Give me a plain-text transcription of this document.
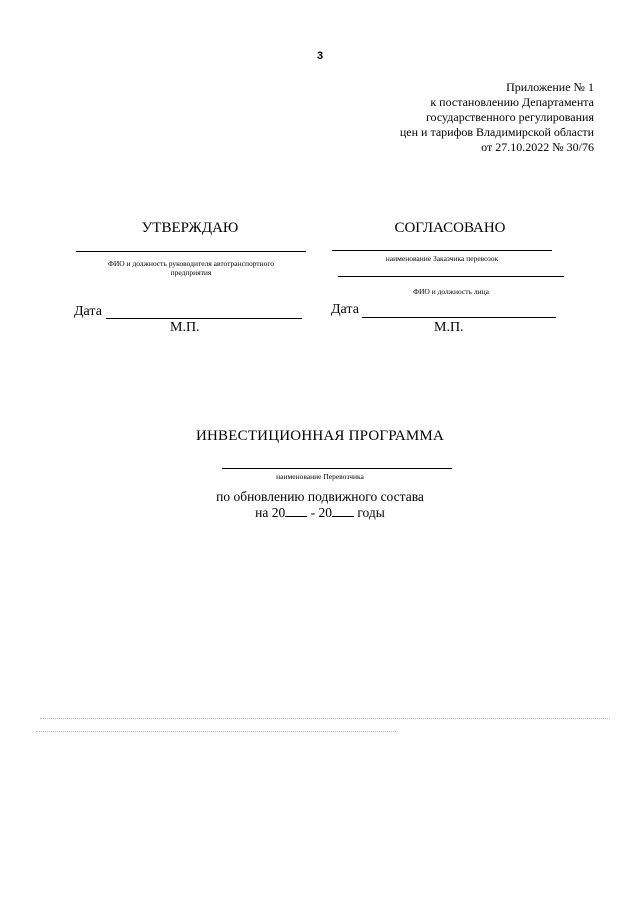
3
Приложение № 1
к постановлению Департамента
государственного регулирования
цен и тарифов Владимирской области
от 27.10.2022 № 30/76
УТВЕРЖДАЮ
ФИО и должность руководителя автотранспортного
предприятия
Дата
М.П.
СОГЛАСОВАНО
наименование Заказчика перевозок
ФИО и должность лица
Дата
М.П.
ИНВЕСТИЦИОННАЯ ПРОГРАММА
наименование Перевозчика
по обновлению подвижного состава
на 20 - 20 годы
